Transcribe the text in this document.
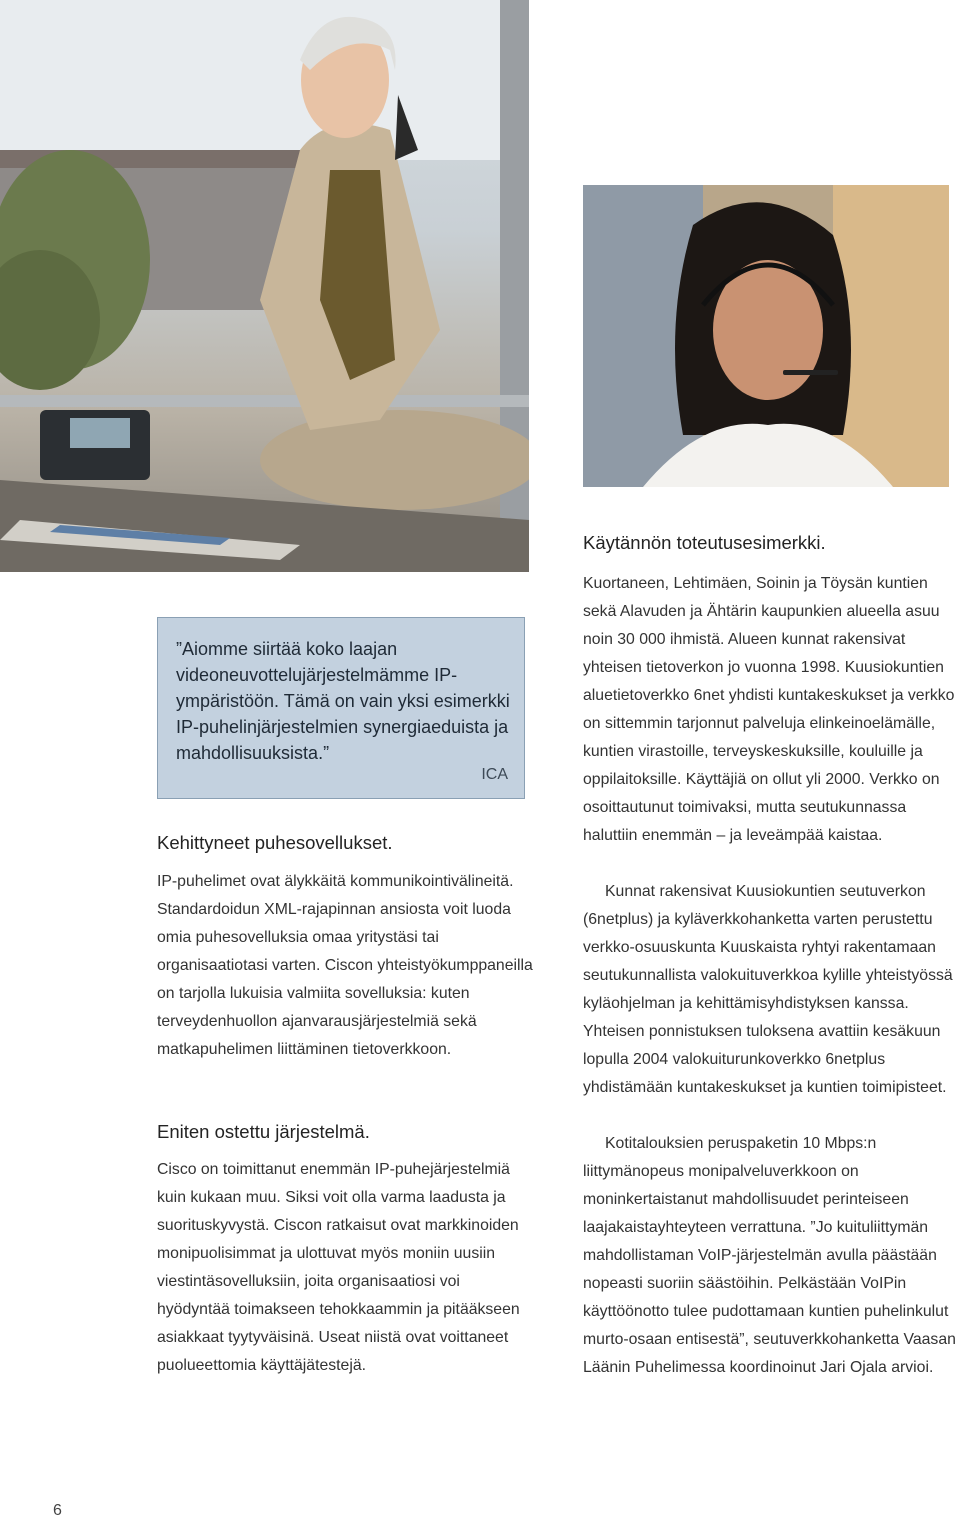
”Aiomme siirtää koko laajan videoneuvottelujärjestelmämme IP-ympäristöön. Tämä on vain yksi esimerkki IP-puhelinjärjestelmien synergiaeduista ja mahdollisuuksista.”

ICA
Kehittyneet puhesovellukset.

IP-puhelimet ovat älykkäitä kommunikointivälineitä. Standardoidun XML-rajapinnan ansiosta voit luoda omia puhesovelluksia omaa yritystäsi tai organisaatiotasi varten. Ciscon yhteistyökumppaneilla on tarjolla lukuisia valmiita sovelluksia: kuten terveydenhuollon ajanvarausjärjestelmiä sekä matkapuhelimen liittäminen tietoverkkoon.

Eniten ostettu järjestelmä.

Cisco on toimittanut enemmän IP-puhejärjestelmiä kuin kukaan muu. Siksi voit olla varma laadusta ja suorituskyvystä. Ciscon ratkaisut ovat markkinoiden monipuolisimmat ja ulottuvat myös moniin uusiin viestintäsovelluksiin, joita organisaatiosi voi hyödyntää toimakseen tehokkaammin ja pitääkseen asiakkaat tyytyväisinä. Useat niistä ovat voittaneet puolueettomia käyttäjätestejä.

Käytännön toteutusesimerkki.

Kuortaneen, Lehtimäen, Soinin ja Töysän kuntien sekä Alavuden ja Ähtärin kaupunkien alueella asuu noin 30 000 ihmistä. Alueen kunnat rakensivat yhteisen tietoverkon jo vuonna 1998. Kuusiokuntien aluetietoverkko 6net yhdisti kuntakeskukset ja verkko on sittemmin tarjonnut palveluja elinkeinoelämälle, kuntien virastoille, terveyskeskuksille, kouluille ja oppilaitoksille. Käyttäjiä on ollut yli 2000. Verkko on osoittautunut toimivaksi, mutta seutukunnassa haluttiin enemmän – ja leveämpää kaistaa.

Kunnat rakensivat Kuusiokuntien seutuverkon (6netplus) ja kyläverkkohanketta varten perustettu verkko-osuuskunta Kuuskaista ryhtyi rakentamaan seutukunnallista valokuituverkkoa kylille yhteistyössä kyläohjelman ja kehittämisyhdistyksen kanssa. Yhteisen ponnistuksen tuloksena avattiin kesäkuun lopulla 2004 valokuiturunkoverkko 6netplus yhdistämään kuntakeskukset ja kuntien toimipisteet.

Kotitalouksien peruspaketin 10 Mbps:n liittymänopeus monipalveluverkkoon on moninkertaistanut mahdollisuudet perinteiseen laajakaistayhteyteen verrattuna. ”Jo kuituliittymän mahdollistaman VoIP-järjestelmän avulla päästään nopeasti suoriin säästöihin. Pelkästään VoIPin käyttöönotto tulee pudottamaan kuntien puhelinkulut murto-osaan entisestä”, seutuverkkohanketta Vaasan Läänin Puhelimessa koordinoinut Jari Ojala arvioi.

6
